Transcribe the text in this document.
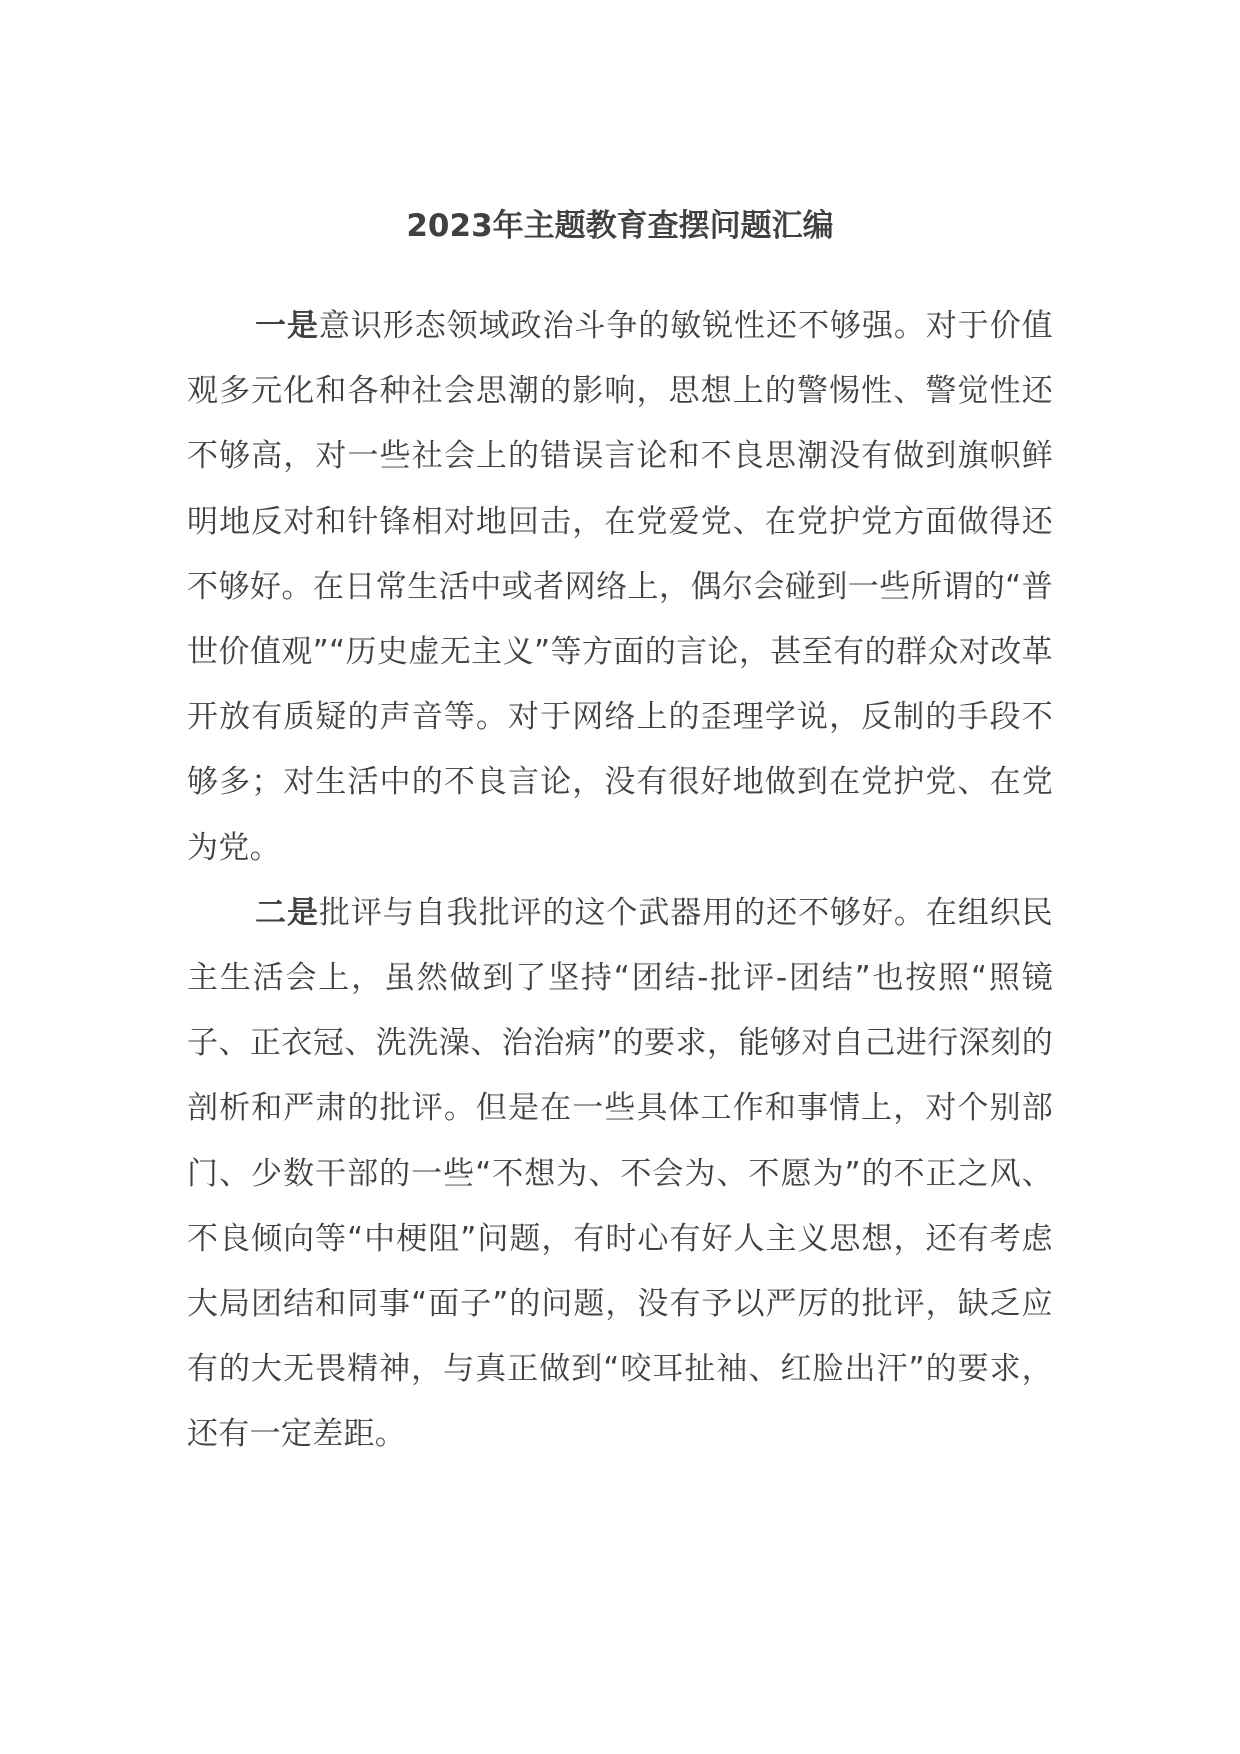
2023年主题教育查摆问题汇编

一是意识形态领域政治斗争的敏锐性还不够强。对于价值观多元化和各种社会思潮的影响，思想上的警惕性、警觉性还不够高，对一些社会上的错误言论和不良思潮没有做到旗帜鲜明地反对和针锋相对地回击，在党爱党、在党护党方面做得还不够好。在日常生活中或者网络上，偶尔会碰到一些所谓的“普世价值观”“历史虚无主义”等方面的言论，甚至有的群众对改革开放有质疑的声音等。对于网络上的歪理学说，反制的手段不够多；对生活中的不良言论，没有很好地做到在党护党、在党为党。

二是批评与自我批评的这个武器用的还不够好。在组织民主生活会上，虽然做到了坚持“团结-批评-团结”也按照“照镜子、正衣冠、洗洗澡、治治病”的要求，能够对自己进行深刻的剖析和严肃的批评。但是在一些具体工作和事情上，对个别部门、少数干部的一些“不想为、不会为、不愿为”的不正之风、不良倾向等“中梗阻”问题，有时心有好人主义思想，还有考虑大局团结和同事“面子”的问题，没有予以严厉的批评，缺乏应有的大无畏精神，与真正做到“咬耳扯袖、红脸出汗”的要求，还有一定差距。
